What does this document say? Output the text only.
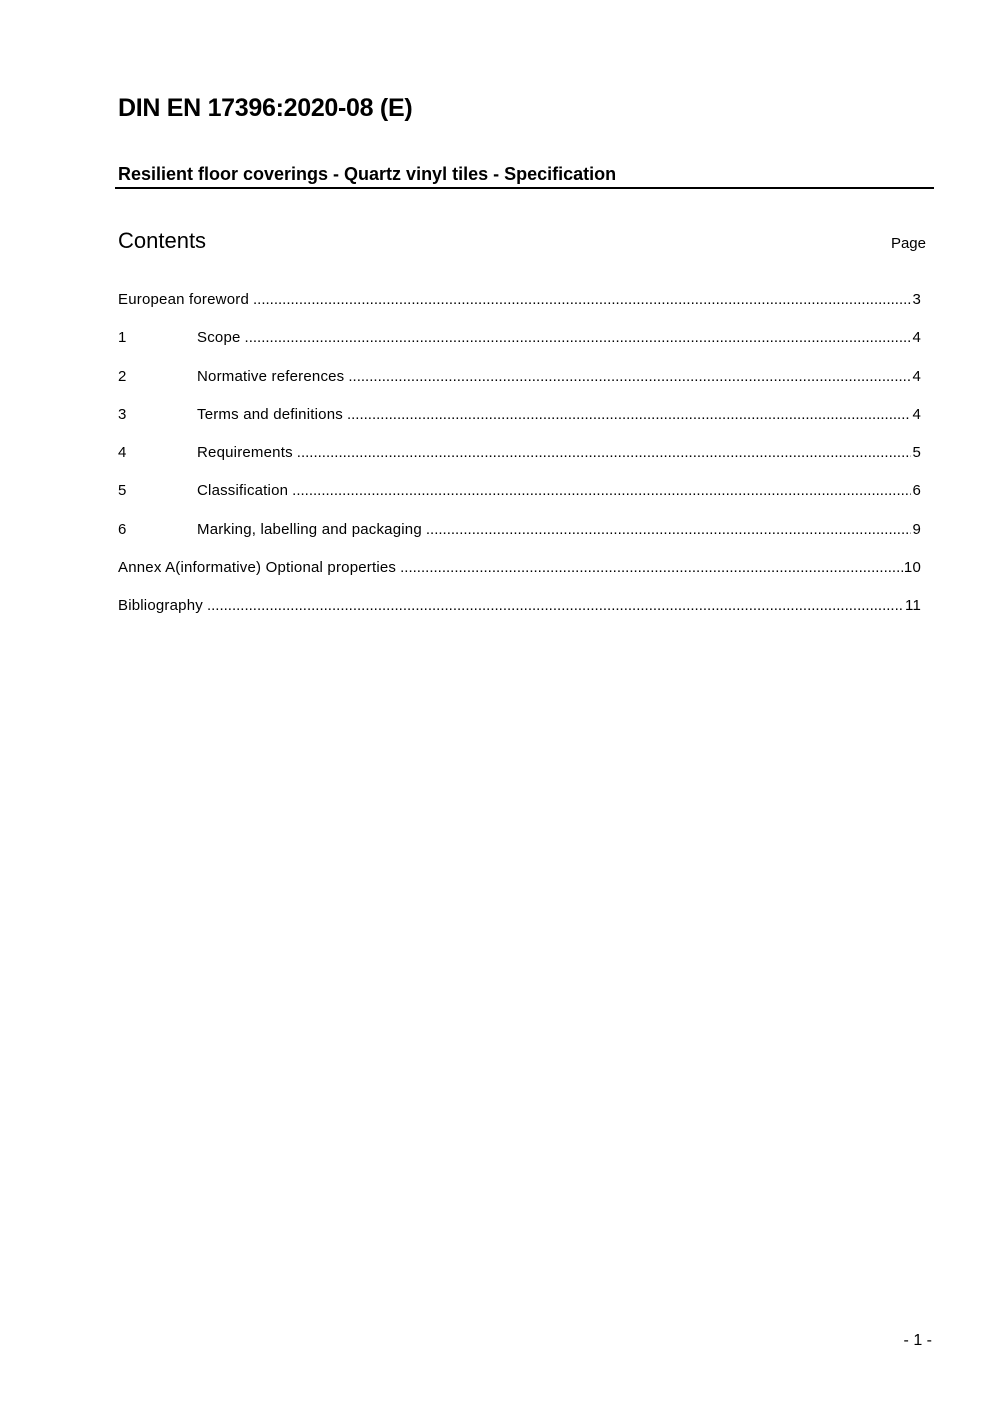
DIN EN 17396:2020-08 (E)
Resilient floor coverings - Quartz vinyl tiles - Specification
Contents	Page
European foreword .....	3
1	Scope .....	4
2	Normative references .....	4
3	Terms and definitions .....	4
4	Requirements .....	5
5	Classification .....	6
6	Marking, labelling and packaging .....	9
Annex A(informative) Optional properties .....	10
Bibliography .....	11
- 1 -
